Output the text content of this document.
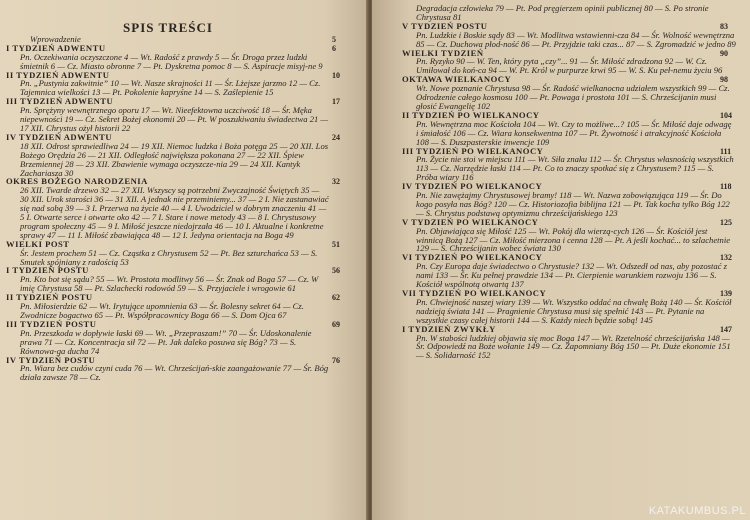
SPIS TREŚCI
Wprowadzenie
I TYDZIEŃ ADWENTU
Pn. Oczekiwania oczyszczone 4 — Wt. Radość z prawdy 5 — Śr. Droga przez ludzki śmietnik 6 — Cz. Miasto obronne 7 — Pt. Dyskretna pomoc 8 — S. Aspiracje misyj-ne 9
II TYDZIEŃ ADWENTU
Pn. „Pustynia zakwitnie” 10 — Wt. Nasze skrajności 11 — Śr. Lżejsze jarzmo 12 — Cz. Tajemnica wielkości 13 — Pt. Pokolenie kapryśne 14 — S. Zaślepienie 15
III TYDZIEŃ ADWENTU
Pn. Sprężyny wewnętrznego oporu 17 — Wt. Nieefektowna uczciwość 18 — Śr. Męka niepewności 19 — Cz. Sekret Bożej ekonomii 20 — Pt. W poszukiwaniu świadectwa 21 — 17 XII. Chrystus ożył historii 22
IV TYDZIEŃ ADWENTU
18 XII. Odrost sprawiedliwa 24 — 19 XII. Niemoc ludzka i Boża potęga 25 — 20 XII. Los Bożego Orędzia 26 — 21 XII. Odległość największa pokonana 27 — 22 XII. Śpiew Brzemiennej 28 — 23 XII. Zbawienie wymaga oczyszcze-nia 29 — 24 XII. Kantyk Zachariasza 30
OKRES BOŻEGO NARODZENIA
26 XII. Twarde drzewo 32 — 27 XII. Wszyscy są potrzebni Zwyczajność Świętych 35 — 30 XII. Urok starości 36 — 31 XII. A jednak nie przeminiemy... 37 — 2 I. Nie zastanawiać się nad sobą 39 — 3 I. Przerwa na życie 40 — 4 I. Uwodziciel w dobrym znaczeniu 41 — 5 I. Otwarte serce i otwarte oko 42 — 7 I. Stare i nowe metody 43 — 8 I. Chrystusowy program społeczny 45 — 9 I. Miłość jeszcze niedojrzała 46 — 10 I. Aktualne i konkretne sprawy 47 — 11 I. Miłość zbawiająca 48 — 12 I. Jedyna orientacja na Boga 49
WIELKI POST
Śr. Jestem prochem 51 — Cz. Cząstka z Chrystusem 52 — Pt. Bez szturchańca 53 — S. Smutek spójniany z radością 53
I TYDZIEŃ POSTU
Pn. Kto bot się sądu? 55 — Wt. Prostota modlitwy 56 — Śr. Znak od Boga 57 — Cz. W imię Chrystusa 58 — Pt. Szlachecki rodowód 59 — S. Przyjaciele i wrogowie 61
II TYDZIEŃ POSTU
Pn. Miłosierdzie 62 — Wt. Irytujące upomnienia 63 — Śr. Bolesny sekret 64 — Cz. Zwodnicze bogactwo 65 — Pt. Współpracownicy Boga 66 — S. Dom Ojca 67
III TYDZIEŃ POSTU
Pn. Przeszkoda w dopływie łaski 69 — Wt. „Przepraszam!” 70 — Śr. Udoskonalenie prawa 71 — Cz. Koncentracja sił 72 — Pt. Jak daleko posuwa się Bóg? 73 — S. Równowa-ga ducha 74
IV TYDZIEŃ POSTU
Pn. Wiara bez cudów czyni cuda 76 — Wt. Chrześcijań-skie zaangażowanie 77 — Śr. Bóg działa zawsze 78 — Cz.
6
10
17
24
32
51
56
62
69
76
5
Degradacja człowieka 79 — Pt. Pod pręgierzem opinii publicznej 80 — S. Po stronie Chrystusa 81
V TYDZIEŃ POSTU
Pn. Ludzkie i Boskie sądy 83 — Wt. Modlitwa wstawienni-cza 84 — Śr. Wolność wewnętrzna 85 — Cz. Duchowa płod-ność 86 — Pt. Przyjdzie taki czas... 87 — S. Zgromadzić w jedno 89
WIELKI TYDZIEŃ
Pn. Ryzyko 90 — W. Ten, który pyta „czy”... 91 — Śr. Miłość zdradzona 92 — W. Cz. Umiłował do koń-ca 94 — W. Pt. Król w purpurze krwi 95 — W. S. Ku peł-nemu życiu 96
OKTAWA WIELKANOCY
Wt. Nowe poznanie Chrystusa 98 — Śr. Radość wielkanocna udziałem wszystkich 99 — Cz. Odrodzenie całego kosmosu 100 — Pt. Powaga i prostota 101 — S. Chrześcijanin musi głosić Ewangelię 102
II TYDZIEŃ PO WIELKANOCY
Pn. Wewnętrzna moc Kościoła 104 — Wt. Czy to możliwe...? 105 — Śr. Miłość daje odwagę i śmiałość 106 — Cz. Wiara konsekwentna 107 — Pt. Żywotność i atrakcyjność Kościoła 108 — S. Duszpasterskie inwencje 109
III TYDZIEŃ PO WIELKANOCY
Pn. Życie nie stoi w miejscu 111 — Wt. Siła znaku 112 — Śr. Chrystus własnością wszystkich 113 — Cz. Narzędzie łaski 114 — Pt. Co to znaczy spotkać się z Chrystusem? 115 — S. Próba wiary 116
IV TYDZIEŃ PO WIELKANOCY
Pn. Nie zawężajmy Chrystusowej bramy! 118 — Wt. Nazwa zobowiązująca 119 — Śr. Do kogo posyła nas Bóg? 120 — Cz. Historiozofia biblijna 121 — Pt. Tak kocha tylko Bóg 122 — S. Chrystus podstawą optymizmu chrześcijańskiego 123
V TYDZIEŃ PO WIELKANOCY
Pn. Objawiająca się Miłość 125 — Wt. Pokój dla wierzą-cych 126 — Śr. Kościół jest winnicą Bożą 127 — Cz. Miłość mierzona i cenna 128 — Pt. A jeśli kochać... to szlachetnie 129 — S. Chrześcijanin wobec świata 130
VI TYDZIEŃ PO WIELKANOCY
Pn. Czy Europa daje świadectwo o Chrystusie? 132 — Wt. Odszedł od nas, aby pozostać z nami 133 — Śr. Ku pełnej prawdzie 134 — Pt. Cierpienie warunkiem rozwoju 136 — S. Kościół wspólnotą otwartą 137
VII TYDZIEŃ PO WIELKANOCY
Pn. Chwiejność naszej wiary 139 — Wt. Wszystko oddać na chwałę Bożą 140 — Śr. Kościół nadzieją świata 141 — Pragnienie Chrystusa musi się spełnić 143 — Pt. Pytanie na wszystkie czasy całej historii 144 — S. Każdy niech będzie sobą! 145
I TYDZIEŃ ZWYKŁY
Pn. W stabości ludzkiej objawia się moc Boga 147 — Wt. Rzetelność chrześcijańska 148 — Śr. Odpowiedź na Boże wołanie 149 — Cz. Zapomniany Bóg 150 — Pt. Duże ekonomie 151 — S. Solidarność 152
83
90
98
104
111
118
125
132
139
147
KATAKUMBUS.PL
